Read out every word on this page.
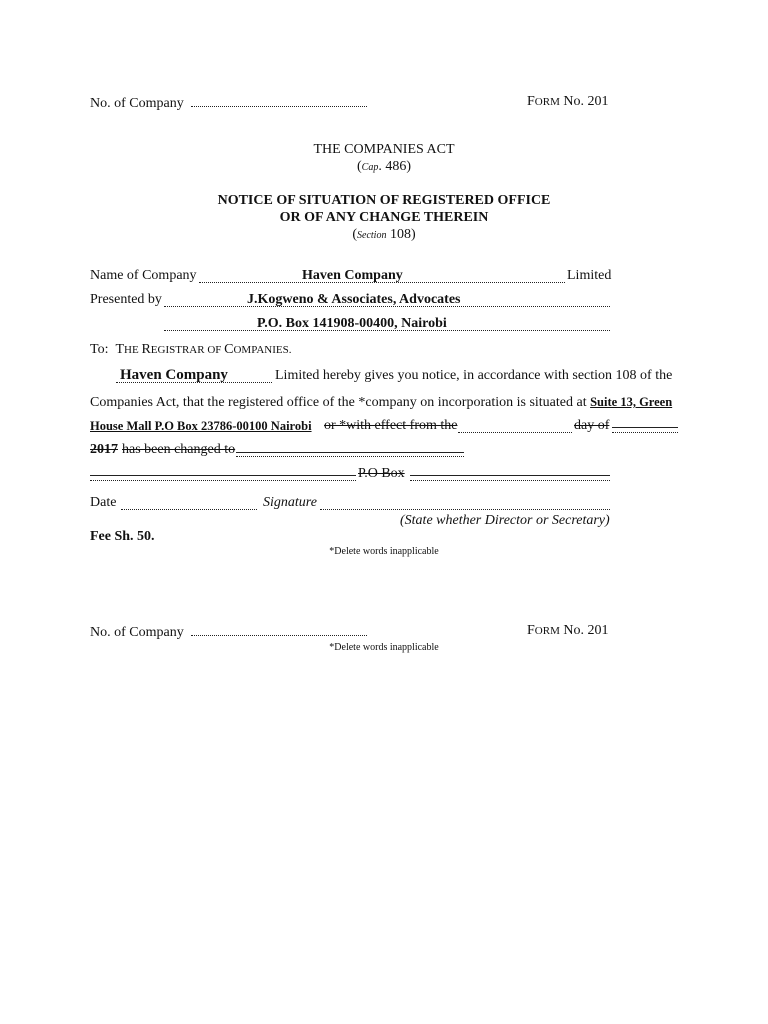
No. of Company	FORM No. 201
THE COMPANIES ACT
(Cap. 486)
NOTICE OF SITUATION OF REGISTERED OFFICE
OR OF ANY CHANGE THEREIN
(Section 108)
Name of Company	Haven Company	Limited
Presented by	J.Kogweno & Associates, Advocates
P.O. Box 141908-00400, Nairobi
To: THE REGISTRAR OF COMPANIES.
Haven Company	Limited hereby gives you notice, in accordance with section 108 of the
Companies Act, that the registered office of the *company on incorporation is situated at Suite 13, Green
House Mall P.O Box 23786-00100 Nairobi or *with effect from the	day of
2017 has been changed to
P.O Box
Date	Signature
(State whether Director or Secretary)
Fee Sh. 50.
*Delete words inapplicable
No. of Company	FORM No. 201
*Delete words inapplicable
